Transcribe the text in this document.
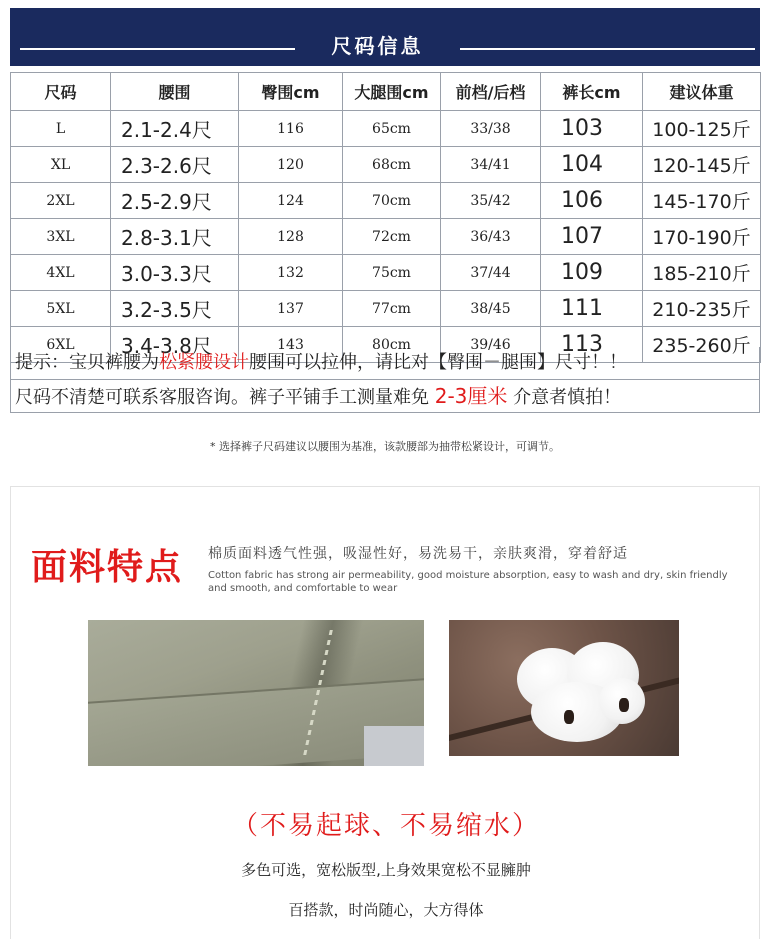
尺码信息
尺码	腰围	臀围cm	大腿围cm	前档/后档	裤长cm	建议体重
L	2.1-2.4尺	116	65cm	33/38	103	100-125斤
XL	2.3-2.6尺	120	68cm	34/41	104	120-145斤
2XL	2.5-2.9尺	124	70cm	35/42	106	145-170斤
3XL	2.8-3.1尺	128	72cm	36/43	107	170-190斤
4XL	3.0-3.3尺	132	75cm	37/44	109	185-210斤
5XL	3.2-3.5尺	137	77cm	38/45	111	210-235斤
6XL	3.4-3.8尺	143	80cm	39/46	113	235-260斤
提示：宝贝裤腰为松紧腰设计腰围可以拉伸，请比对【臀围－腿围】尺寸！！
尺码不清楚可联系客服咨询。裤子平铺手工测量难免 2-3厘米 介意者慎拍！
* 选择裤子尺码建议以腰围为基准，该款腰部为抽带松紧设计，可调节。
面料特点 棉质面料透气性强，吸湿性好，易洗易干，亲肤爽滑，穿着舒适
Cotton fabric has strong air permeability, good moisture absorption, easy to wash and dry, skin friendly and smooth, and comfortable to wear
（不易起球、不易缩水）
多色可选，宽松版型,上身效果宽松不显臃肿
百搭款，时尚随心，大方得体
